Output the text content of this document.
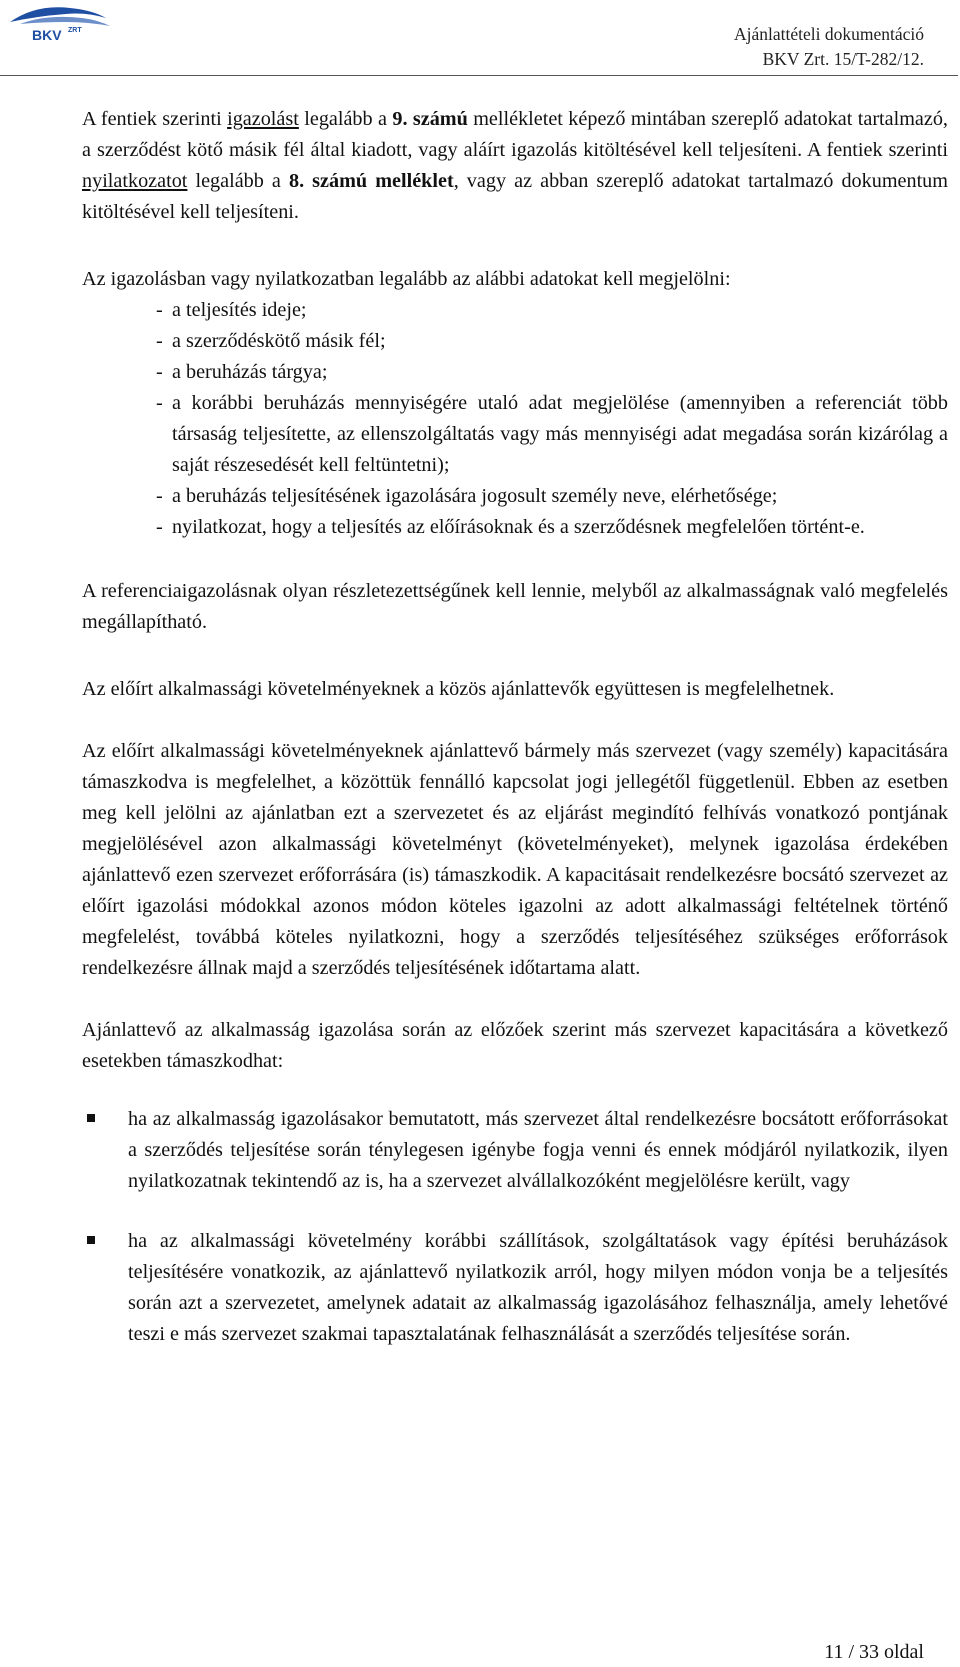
BKV ZRT	Ajánlattételi dokumentáció
BKV Zrt. 15/T-282/12.

A fentiek szerinti igazolást legalább a 9. számú mellékletet képező mintában szereplő adatokat tartalmazó, a szerződést kötő másik fél által kiadott, vagy aláírt igazolás kitöltésével kell teljesíteni. A fentiek szerinti nyilatkozatot legalább a 8. számú melléklet, vagy az abban szereplő adatokat tartalmazó dokumentum kitöltésével kell teljesíteni.

Az igazolásban vagy nyilatkozatban legalább az alábbi adatokat kell megjelölni:

- a teljesítés ideje;
- a szerződéskötő másik fél;
- a beruházás tárgya;
- a korábbi beruházás mennyiségére utaló adat megjelölése (amennyiben a referenciát több társaság teljesítette, az ellenszolgáltatás vagy más mennyiségi adat megadása során kizárólag a saját részesedését kell feltüntetni);
- a beruházás teljesítésének igazolására jogosult személy neve, elérhetősége;
- nyilatkozat, hogy a teljesítés az előírásoknak és a szerződésnek megfelelően történt-e.

A referenciaigazolásnak olyan részletezettségűnek kell lennie, melyből az alkalmasságnak való megfelelés megállapítható.

Az előírt alkalmassági követelményeknek a közös ajánlattevők együttesen is megfelelhetnek.

Az előírt alkalmassági követelményeknek ajánlattevő bármely más szervezet (vagy személy) kapacitására támaszkodva is megfelelhet, a közöttük fennálló kapcsolat jogi jellegétől függetlenül. Ebben az esetben meg kell jelölni az ajánlatban ezt a szervezetet és az eljárást megindító felhívás vonatkozó pontjának megjelölésével azon alkalmassági követelményt (követelményeket), melynek igazolása érdekében ajánlattevő ezen szervezet erőforrására (is) támaszkodik. A kapacitásait rendelkezésre bocsátó szervezet az előírt igazolási módokkal azonos módon köteles igazolni az adott alkalmassági feltételnek történő megfelelést, továbbá köteles nyilatkozni, hogy a szerződés teljesítéséhez szükséges erőforrások rendelkezésre állnak majd a szerződés teljesítésének időtartama alatt.

Ajánlattevő az alkalmasság igazolása során az előzőek szerint más szervezet kapacitására a következő esetekben támaszkodhat:

ha az alkalmasság igazolásakor bemutatott, más szervezet által rendelkezésre bocsátott erőforrásokat a szerződés teljesítése során ténylegesen igénybe fogja venni és ennek módjáról nyilatkozik, ilyen nyilatkozatnak tekintendő az is, ha a szervezet alvállalkozóként megjelölésre került, vagy
ha az alkalmassági követelmény korábbi szállítások, szolgáltatások vagy építési beruházások teljesítésére vonatkozik, az ajánlattevő nyilatkozik arról, hogy milyen módon vonja be a teljesítés során azt a szervezetet, amelynek adatait az alkalmasság igazolásához felhasználja, amely lehetővé teszi e más szervezet szakmai tapasztalatának felhasználását a szerződés teljesítése során.
11 / 33 oldal
